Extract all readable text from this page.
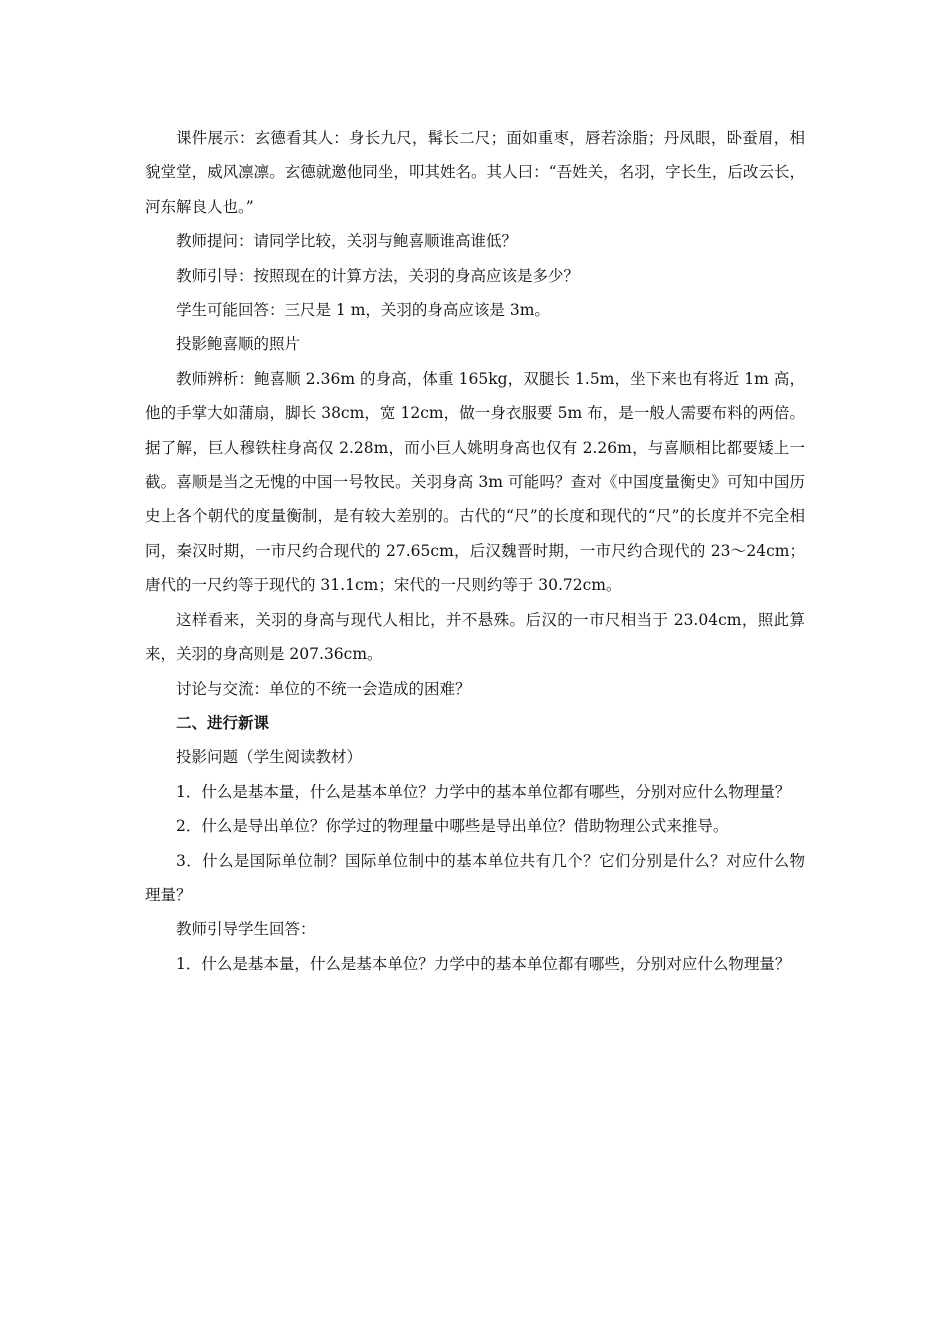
课件展示：玄德看其人：身长九尺，髯长二尺；面如重枣，唇若涂脂；丹凤眼，卧蚕眉，相貌堂堂，威风凛凛。玄德就邀他同坐，叩其姓名。其人曰：“吾姓关，名羽，字长生，后改云长，河东解良人也。”

教师提问：请同学比较，关羽与鲍喜顺谁高谁低？

教师引导：按照现在的计算方法，关羽的身高应该是多少？

学生可能回答：三尺是 1 m，关羽的身高应该是 3m。

投影鲍喜顺的照片

教师辨析：鲍喜顺 2.36m 的身高，体重 165kg，双腿长 1.5m，坐下来也有将近 1m 高，他的手掌大如蒲扇，脚长 38cm，宽 12cm，做一身衣服要 5m 布，是一般人需要布料的两倍。据了解，巨人穆铁柱身高仅 2.28m，而小巨人姚明身高也仅有 2.26m，与喜顺相比都要矮上一截。喜顺是当之无愧的中国一号牧民。关羽身高 3m 可能吗？查对《中国度量衡史》可知中国历史上各个朝代的度量衡制，是有较大差别的。古代的“尺”的长度和现代的“尺”的长度并不完全相同，秦汉时期，一市尺约合现代的 27.65cm，后汉魏晋时期，一市尺约合现代的 23～24cm；唐代的一尺约等于现代的 31.1cm；宋代的一尺则约等于 30.72cm。

这样看来，关羽的身高与现代人相比，并不悬殊。后汉的一市尺相当于 23.04cm，照此算来，关羽的身高则是 207.36cm。

讨论与交流：单位的不统一会造成的困难？

二、进行新课

投影问题（学生阅读教材）

1．什么是基本量，什么是基本单位？力学中的基本单位都有哪些，分别对应什么物理量？

2．什么是导出单位？你学过的物理量中哪些是导出单位？借助物理公式来推导。

3．什么是国际单位制？国际单位制中的基本单位共有几个？它们分别是什么？对应什么物理量？

教师引导学生回答：

1．什么是基本量，什么是基本单位？力学中的基本单位都有哪些，分别对应什么物理量？
